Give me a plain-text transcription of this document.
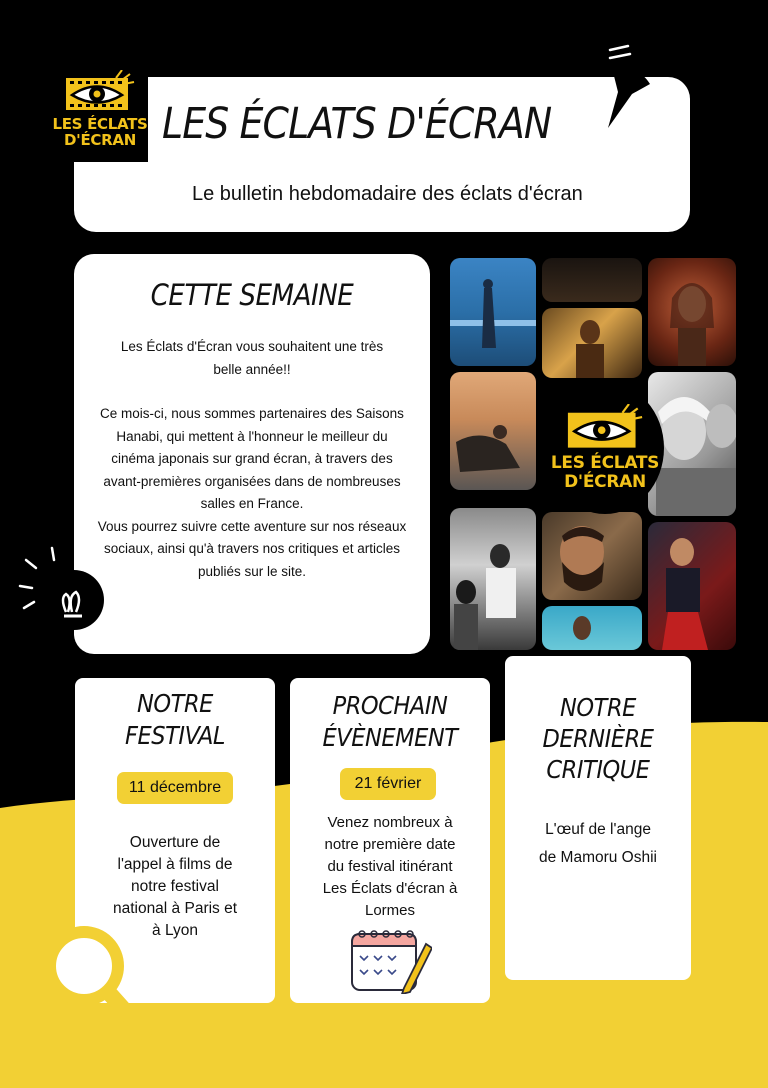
LES ÉCLATS D'ÉCRAN
Le bulletin hebdomadaire des éclats d'écran
LES ÉCLATS
D'ÉCRAN
CETTE SEMAINE

Les Éclats d'Écran vous souhaitent une très belle année!!

Ce mois-ci, nous sommes partenaires des Saisons Hanabi, qui mettent à l'honneur le meilleur du cinéma japonais sur grand écran, à travers des avant-premières organisées dans de nombreuses salles en France.

Vous pourrez suivre cette aventure sur nos réseaux sociaux, ainsi qu'à travers nos critiques et articles publiés sur le site.

LES ÉCLATS
D'ÉCRAN
NOTRE
FESTIVAL
11 décembre
Ouverture de
l'appel à films de
notre festival
national à Paris et
à Lyon
PROCHAIN
ÉVÈNEMENT
21 février
Venez nombreux à
notre première date
du festival itinérant
Les Éclats d'écran à
Lormes
NOTRE
DERNIÈRE
CRITIQUE
L'œuf de l'ange
de Mamoru Oshii
